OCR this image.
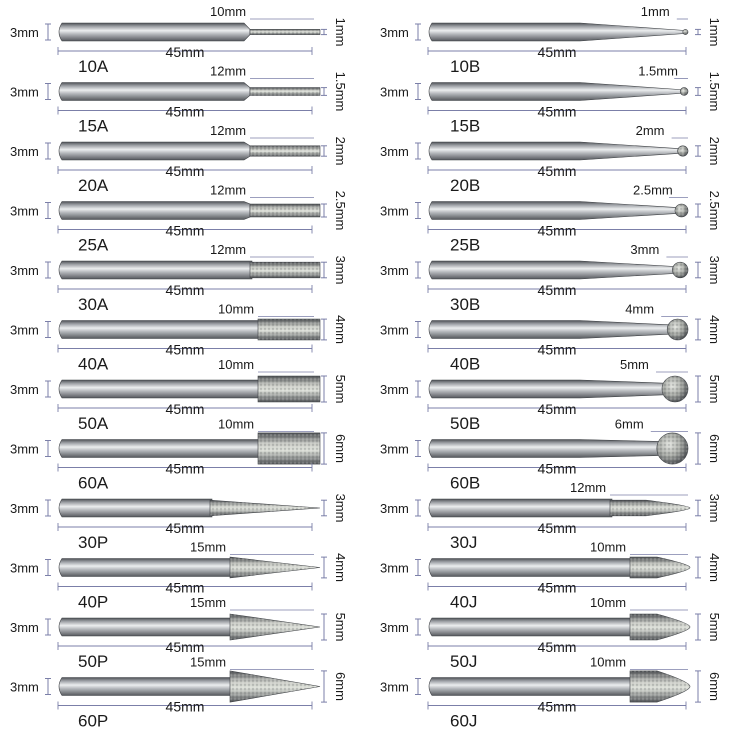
3mm
45mm
10A
10mm
1mm
3mm
45mm
15A
12mm
1.5mm
3mm
45mm
20A
12mm
2mm
3mm
45mm
25A
12mm
2.5mm
3mm
45mm
30A
12mm
3mm
3mm
45mm
40A
10mm
4mm
3mm
45mm
50A
10mm
5mm
3mm
45mm
60A
10mm
6mm
3mm
45mm
30P
3mm
3mm
45mm
40P
15mm
4mm
3mm
45mm
50P
15mm
5mm
3mm
45mm
60P
15mm
6mm
3mm
45mm
10B
1mm
1mm
3mm
45mm
15B
1.5mm
1.5mm
3mm
45mm
20B
2mm
2mm
3mm
45mm
25B
2.5mm
2.5mm
3mm
45mm
30B
3mm
3mm
3mm
45mm
40B
4mm
4mm
3mm
45mm
50B
5mm
5mm
3mm
45mm
60B
6mm
6mm
3mm
45mm
30J
12mm
3mm
3mm
45mm
40J
10mm
4mm
3mm
45mm
50J
10mm
5mm
3mm
45mm
60J
10mm
6mm
